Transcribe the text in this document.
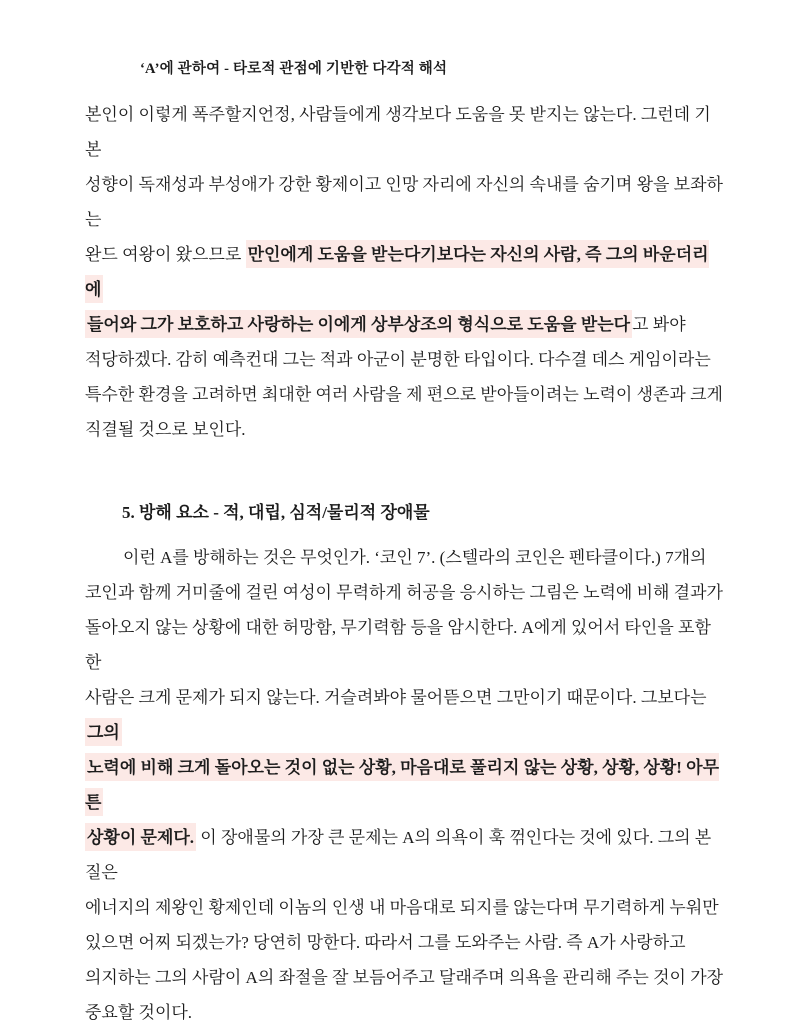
‘A’에 관하여 - 타로적 관점에 기반한 다각적 해석
본인이 이렇게 폭주할지언정, 사람들에게 생각보다 도움을 못 받지는 않는다. 그런데 기본
성향이 독재성과 부성애가 강한 황제이고 인망 자리에 자신의 속내를 숨기며 왕을 보좌하는
완드 여왕이 왔으므로 만인에게 도움을 받는다기보다는 자신의 사람, 즉 그의 바운더리에
들어와 그가 보호하고 사랑하는 이에게 상부상조의 형식으로 도움을 받는다 고 봐야
적당하겠다. 감히 예측컨대 그는 적과 아군이 분명한 타입이다. 다수결 데스 게임이라는
특수한 환경을 고려하면 최대한 여러 사람을 제 편으로 받아들이려는 노력이 생존과 크게
직결될 것으로 보인다.
5. 방해 요소 - 적, 대립, 심적/물리적 장애물
이런 A를 방해하는 것은 무엇인가. ‘코인 7’. (스텔라의 코인은 펜타클이다.) 7개의
코인과 함께 거미줄에 걸린 여성이 무력하게 허공을 응시하는 그림은 노력에 비해 결과가
돌아오지 않는 상황에 대한 허망함, 무기력함 등을 암시한다. A에게 있어서 타인을 포함한
사람은 크게 문제가 되지 않는다. 거슬려봐야 물어뜯으면 그만이기 때문이다. 그보다는 그의
노력에 비해 크게 돌아오는 것이 없는 상황, 마음대로 풀리지 않는 상황, 상황, 상황! 아무튼
상황이 문제다. 이 장애물의 가장 큰 문제는 A의 의욕이 훅 꺾인다는 것에 있다. 그의 본질은
에너지의 제왕인 황제인데 이놈의 인생 내 마음대로 되지를 않는다며 무기력하게 누워만
있으면 어찌 되겠는가? 당연히 망한다. 따라서 그를 도와주는 사람. 즉 A가 사랑하고
의지하는 그의 사람이 A의 좌절을 잘 보듬어주고 달래주며 의욕을 관리해 주는 것이 가장
중요할 것이다.
